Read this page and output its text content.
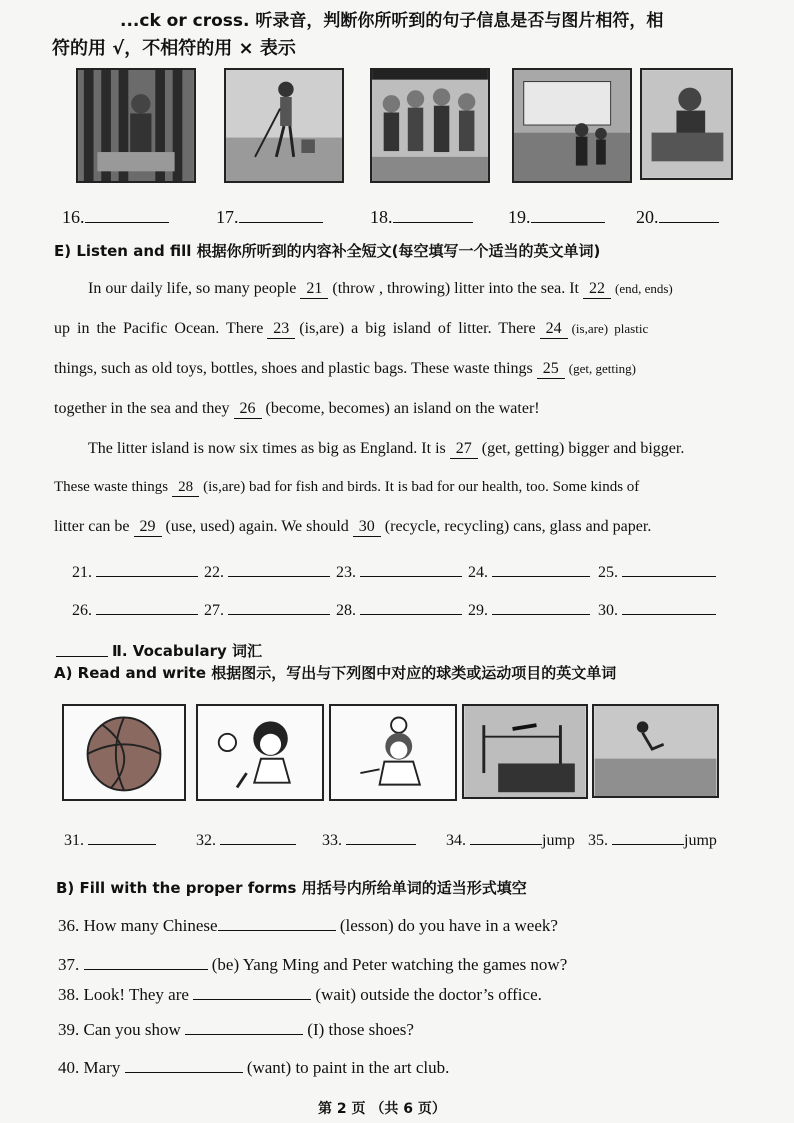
...ck or cross. 听录音，判断你所听到的句子信息是否与图片相符，相
符的用 √，不相符的用 × 表示
16.	17.	18.	19.	20.
E) Listen and fill 根据你所听到的内容补全短文(每空填写一个适当的英文单词)
In our daily life, so many people 21 (throw , throwing) litter into the sea. It 22 (end, ends)
up in the Pacific Ocean. There 23 (is,are) a big island of litter. There 24 (is,are) plastic
things, such as old toys, bottles, shoes and plastic bags. These waste things 25 (get, getting)
together in the sea and they 26 (become, becomes) an island on the water!
The litter island is now six times as big as England. It is 27 (get, getting) bigger and bigger.
These waste things 28 (is,are) bad for fish and birds. It is bad for our health, too. Some kinds of
litter can be 29 (use, used) again. We should 30 (recycle, recycling) cans, glass and paper.
21.	22.	23.	24.	25.
26.	27.	28.	29.	30.
Ⅱ. Vocabulary 词汇
A) Read and write 根据图示，写出与下列图中对应的球类或运动项目的英文单词
31.	32.	33.	34.	jump 35.	jump
B) Fill with the proper forms 用括号内所给单词的适当形式填空
36. How many Chinese	(lesson) do you have in a week?
37.	(be) Yang Ming and Peter watching the games now?
38. Look! They are	(wait) outside the doctor’s office.
39. Can you show	(I) those shoes?
40. Mary	(want) to paint in the art club.
第 2 页 （共 6 页）
